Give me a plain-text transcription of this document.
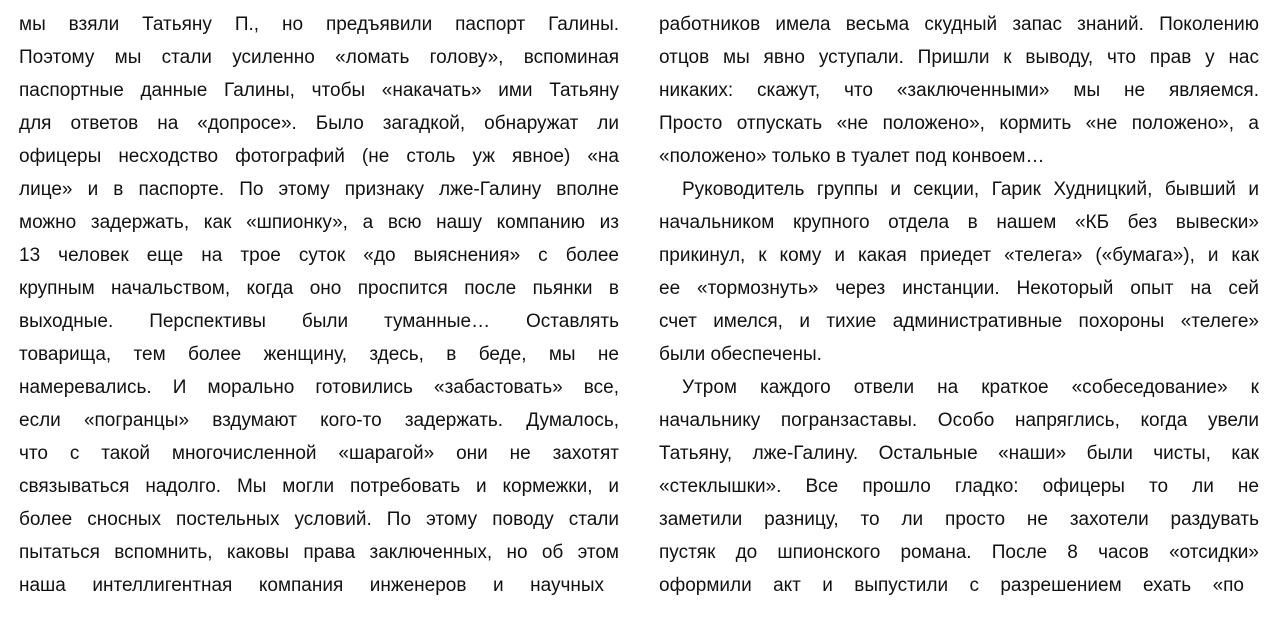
мы взяли Татьяну П., но предъявили паспорт Галины.
Поэтому мы стали усиленно «ломать голову», вспоминая
паспортные данные Галины, чтобы «накачать» ими Татьяну
для ответов на «допросе». Было загадкой, обнаружат ли
офицеры несходство фотографий (не столь уж явное) «на
лице» и в паспорте. По этому признаку лже-Галину вполне
можно задержать, как «шпионку», а всю нашу компанию из
13 человек еще на трое суток «до выяснения» с более
крупным начальством, когда оно проспится после пьянки в
выходные. Перспективы были туманные… Оставлять
товарища, тем более женщину, здесь, в беде, мы не
намеревались. И морально готовились «забастовать» все,
если «погранцы» вздумают кого-то задержать. Думалось,
что с такой многочисленной «шарагой» они не захотят
связываться надолго. Мы могли потребовать и кормежки, и
более сносных постельных условий. По этому поводу стали
пытаться вспомнить, каковы права заключенных, но об этом
наша интеллигентная компания инженеров и научных
работников имела весьма скудный запас знаний. Поколению
отцов мы явно уступали. Пришли к выводу, что прав у нас
никаких: скажут, что «заключенными» мы не являемся.
Просто отпускать «не положено», кормить «не положено», а
«положено» только в туалет под конвоем…
Руководитель группы и секции, Гарик Худницкий, бывший и
начальником крупного отдела в нашем «КБ без вывески»
прикинул, к кому и какая приедет «телега» («бумага»), и как
ее «тормознуть» через инстанции. Некоторый опыт на сей
счет имелся, и тихие административные похороны «телеге»
были обеспечены.
Утром каждого отвели на краткое «собеседование» к
начальнику погранзаставы. Особо напряглись, когда увели
Татьяну, лже-Галину. Остальные «наши» были чисты, как
«стеклышки». Все прошло гладко: офицеры то ли не
заметили разницу, то ли просто не захотели раздувать
пустяк до шпионского романа. После 8 часов «отсидки»
оформили акт и выпустили с разрешением ехать «по
